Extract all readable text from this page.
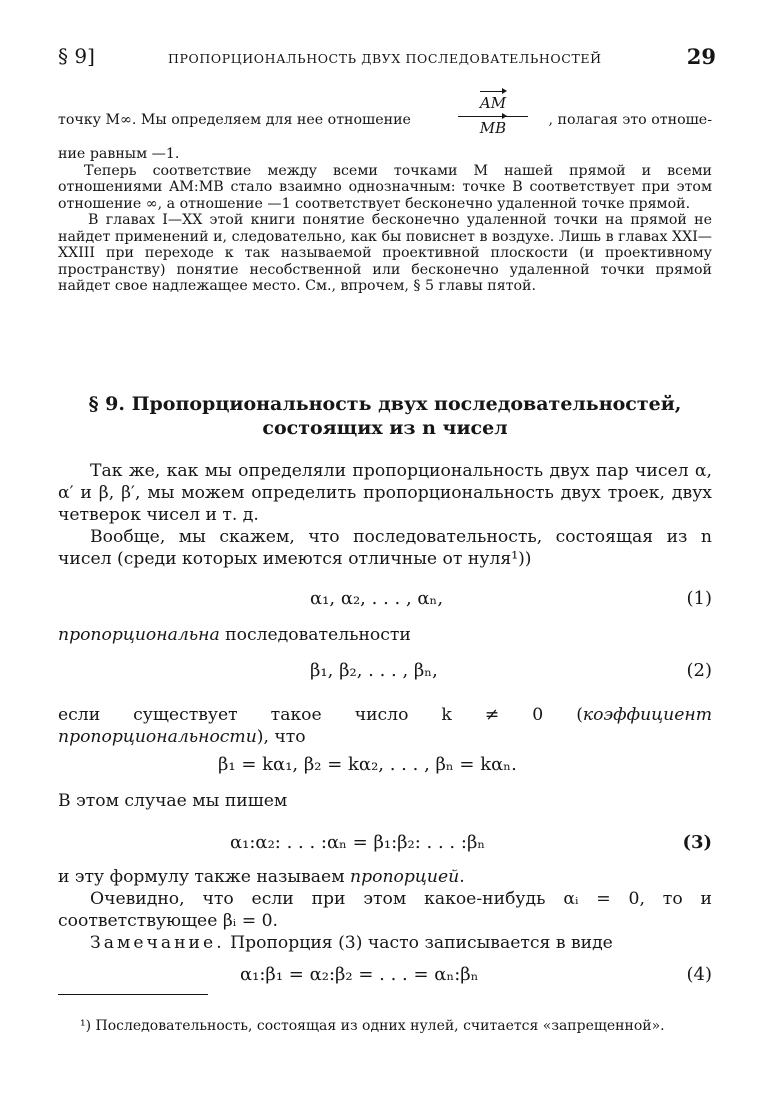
§ 9]	ПРОПОРЦИОНАЛЬНОСТЬ ДВУХ ПОСЛЕДОВАТЕЛЬНОСТЕЙ	29
точку M∞. Мы определяем для нее отношение
AM
MB	, полагая это отноше-

ние равным —1.

Теперь соответствие между всеми точками M нашей прямой и всеми отношениями AM:MB стало взаимно однозначным: точке B соответствует при этом отношение ∞, а отношение —1 соответствует бесконечно удаленной точке прямой.

В главах I—XX этой книги понятие бесконечно удаленной точки на прямой не найдет применений и, следовательно, как бы повиснет в воздухе. Лишь в главах XXI—XXIII при переходе к так называемой проективной плоскости (и проективному пространству) понятие несобственной или бесконечно удаленной точки прямой найдет свое надлежащее место. См., впрочем, § 5 главы пятой.

§ 9. Пропорциональность двух последовательностей,
состоящих из n чисел

Так же, как мы определяли пропорциональность двух пар чисел α, α′ и β, β′, мы можем определить пропорциональность двух троек, двух четверок чисел и т. д.

Вообще, мы скажем, что последовательность, состоящая из n чисел (среди которых имеются отличные от нуля¹))

α₁, α₂, . . . , αₙ,	(1)

пропорциональна последовательности

β₁, β₂, . . . , βₙ,	(2)

если существует такое число k ≠ 0 (коэффициент пропорциональности), что

β₁ = kα₁, β₂ = kα₂, . . . , βₙ = kαₙ.

В этом случае мы пишем

α₁:α₂: . . . :αₙ = β₁:β₂: . . . :βₙ	(3)

и эту формулу также называем пропорцией.

Очевидно, что если при этом какое-нибудь αᵢ = 0, то и соответствующее βᵢ = 0.

Замечание. Пропорция (3) часто записывается в виде

α₁:β₁ = α₂:β₂ = . . . = αₙ:βₙ	(4)

¹) Последовательность, состоящая из одних нулей, считается «запрещенной».
